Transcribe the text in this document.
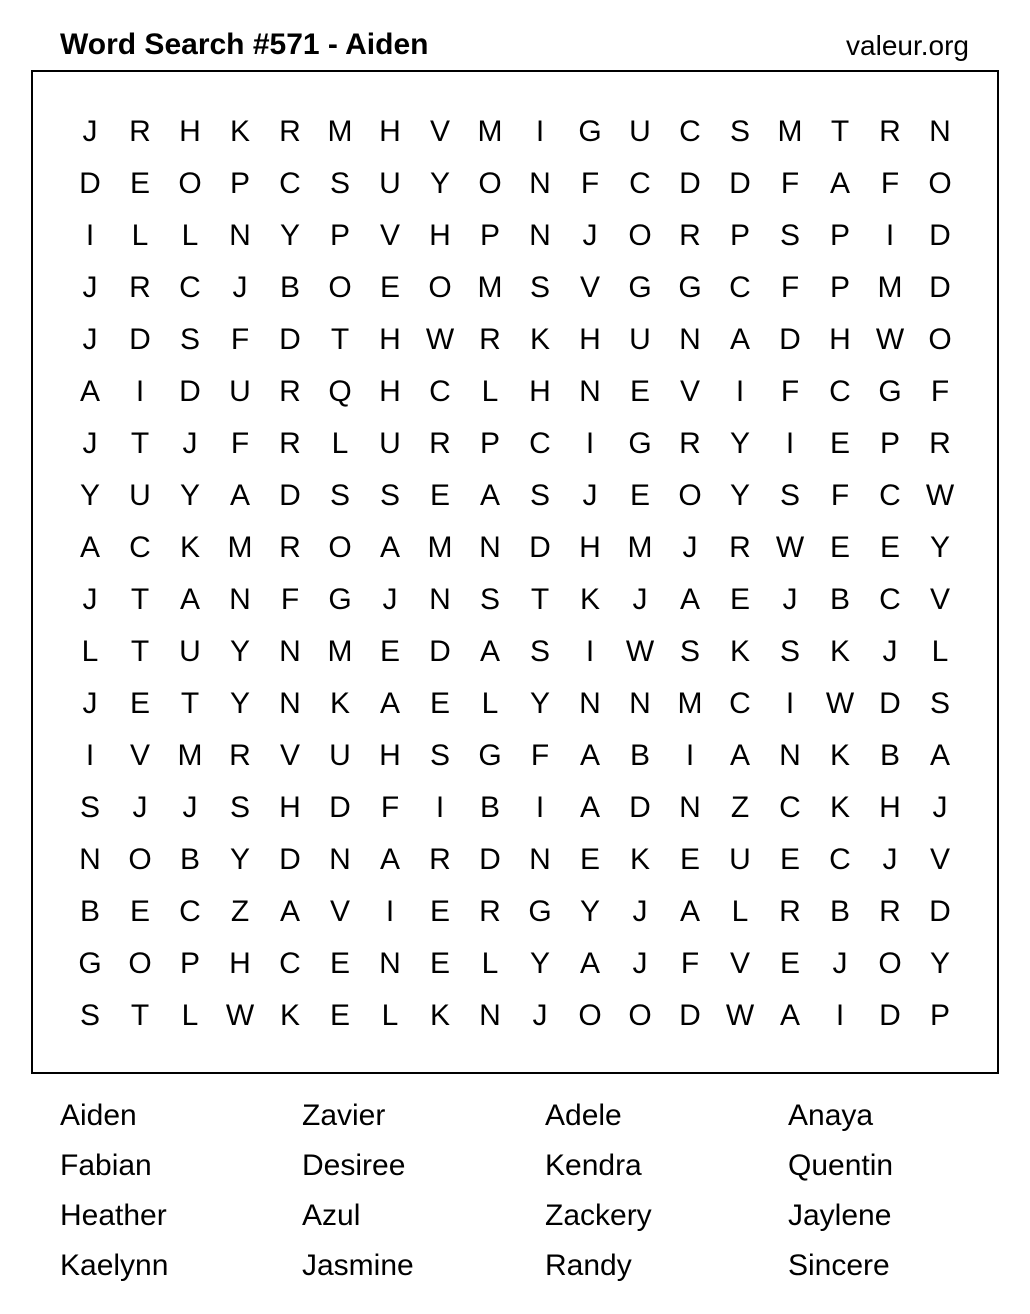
Word Search #571 - Aiden	valeur.org
J	R H K R M H V M	I	G U C S M T	R N
D E O P C S U Y O N	F	C D D	F	A	F O
I	L	L	N Y P V H P N	J	O R P S P	I	D
J	R C	J	B O E O M S V G G C	F	P M D
J	D S	F	D	T	H W R K H U N A D H W O
A	I	D U R Q H C	L	H N E V	I	F	C G F
J	T	J	F	R	L	U R P C	I	G R Y	I	E P R
Y U Y A D S S E A S	J	E O Y S	F	C W
A C K M R O A M N D H M	J	R W E E Y
J	T	A N	F G	J	N S	T	K	J	A E	J	B C V
L	T	U Y N M E D A S	I	W S K S K	J	L
J	E	T	Y N K A E	L	Y N N M C	I	W D S
I	V M R V U H S G F	A B	I	A N K B A
S	J	J	S H D	F	I	B	I	A D N	Z	C K H	J
N O B Y D N A R D N E K E U E C	J	V
B E C	Z	A V	I	E R G Y	J	A	L	R B R D
G O P H C E N E	L	Y A	J	F	V E	J	O Y
S	T	L W K E	L	K N	J	O O D W A	I	D P
Aiden	Zavier	Adele	Anaya
Fabian	Desiree	Kendra	Quentin
Heather	Azul	Zackery	Jaylene
Kaelynn	Jasmine	Randy	Sincere
